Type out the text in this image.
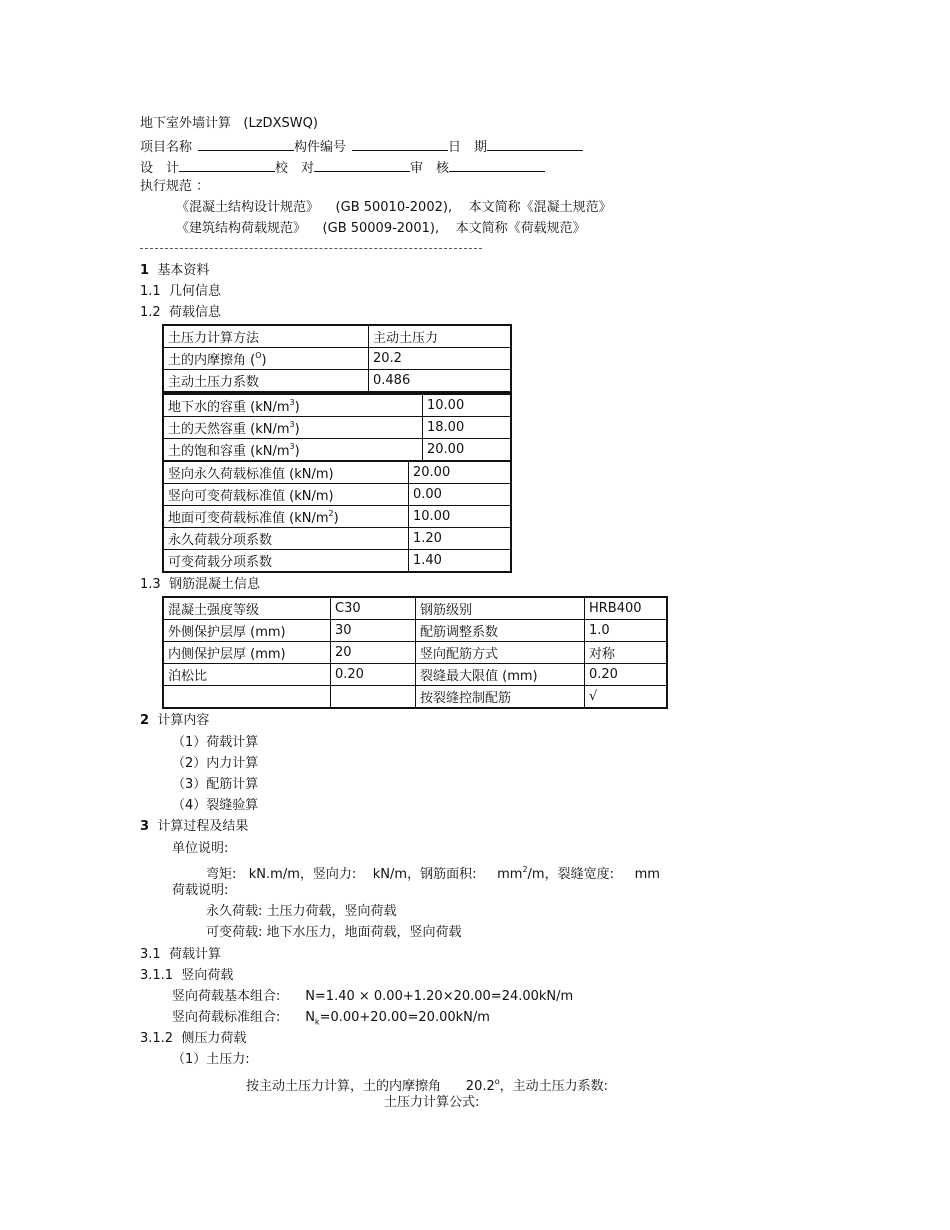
地下室外墙计算 (LzDXSWQ)
项目名称	构件编号	日　期
设　计	校　对	审　核
执行规范 ：
《混凝土结构设计规范》 (GB 50010-2002), 本文简称《混凝土规范》
《建筑结构荷载规范》 (GB 50009-2001), 本文简称《荷载规范》
1 基本资料
1.1  几何信息
1.2  荷载信息
土压力计算方法	主动土压力
土的内摩擦角 ($^O$)	20.2
主动土压力系数	0.486
地下水的容重 $(kN/m^3)$	10.00
土的天然容重 $(kN/m^3)$	18.00
土的饱和容重 $(kN/m^3)$	20.00
竖向永久荷载标准值 (kN/m)	20.00
竖向可变荷载标准值 (kN/m)	0.00
地面可变荷载标准值 $(kN/m^2)$	10.00
永久荷载分项系数	1.20
可变荷载分项系数	1.40
1.3  钢筋混凝土信息
混凝土强度等级	C30	钢筋级别	HRB400
外侧保护层厚 (mm)	30	配筋调整系数	1.0
内侧保护层厚 (mm)	20	竖向配筋方式	对称
泊松比	0.20	裂缝最大限值 (mm)	0.20
		按裂缝控制配筋	√
2 计算内容
（1）荷载计算
（2）内力计算
（3）配筋计算
（4）裂缝验算
3 计算过程及结果
单位说明:
弯矩:   kN.m/m，竖向力:    kN/m，钢筋面积:     $mm^2/m$，裂缝宽度:     mm
荷载说明:
永久荷载: 土压力荷载，竖向荷载
可变荷载: 地下水压力，地面荷载，竖向荷载
3.1  荷载计算
3.1.1  竖向荷载
竖向荷载基本组合: N=1.40 × 0.00+1.20×20.00=24.00kN/m
竖向荷载标准组合: $N_k=0.00+20.00=20.00kN/m$
3.1.2  侧压力荷载
（1）土压力:
按主动土压力计算，土的内摩擦角      20.2$^o$，主动土压力系数:
土压力计算公式:
